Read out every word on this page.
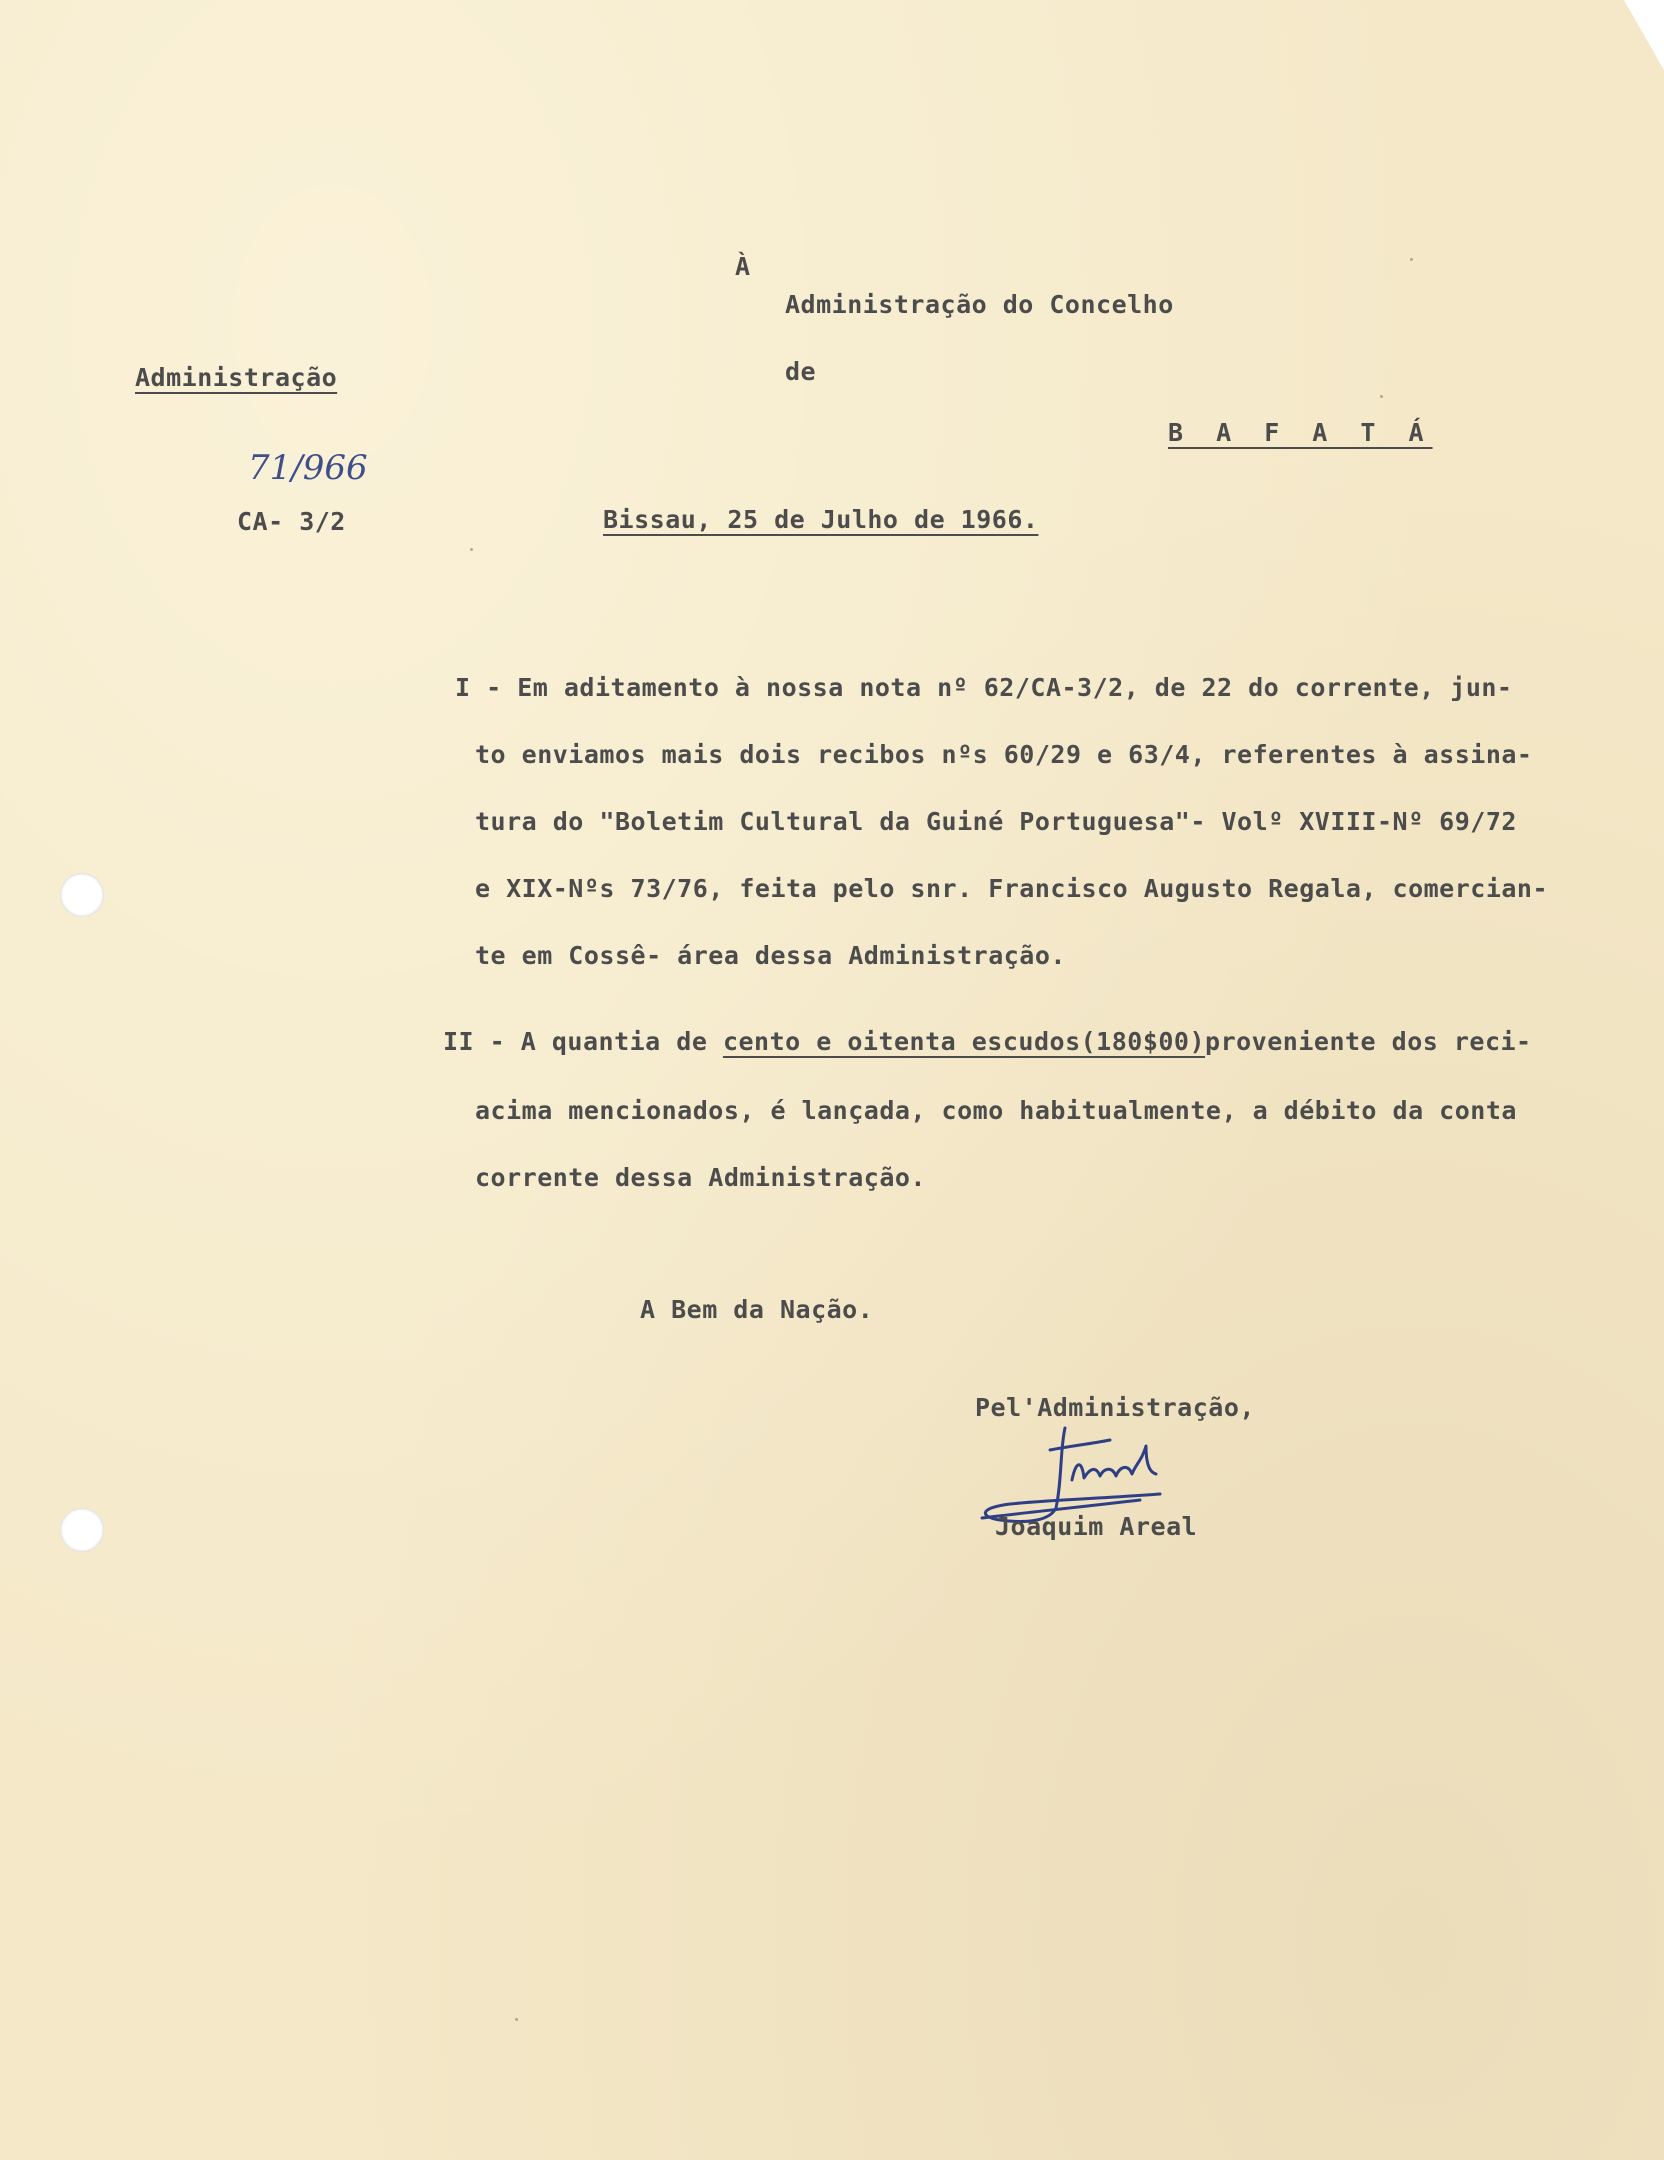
À
Administração do Concelho
de
B A F A T Á
Administração
71/966
CA- 3/2	Bissau, 25 de Julho de 1966.
I - Em aditamento à nossa nota nº 62/CA-3/2, de 22 do corrente, jun-
to enviamos mais dois recibos nºs 60/29 e 63/4, referentes à assina-
tura do "Boletim Cultural da Guiné Portuguesa"- Volº XVIII-Nº 69/72
e XIX-Nºs 73/76, feita pelo snr. Francisco Augusto Regala, comercian-
te em Cossê- área dessa Administração.
II - A quantia de cento e oitenta escudos(180$00)proveniente dos reci-
acima mencionados, é lançada, como habitualmente, a débito da conta
corrente dessa Administração.
A Bem da Nação.
Pel'Administração,
Joaquim Areal
